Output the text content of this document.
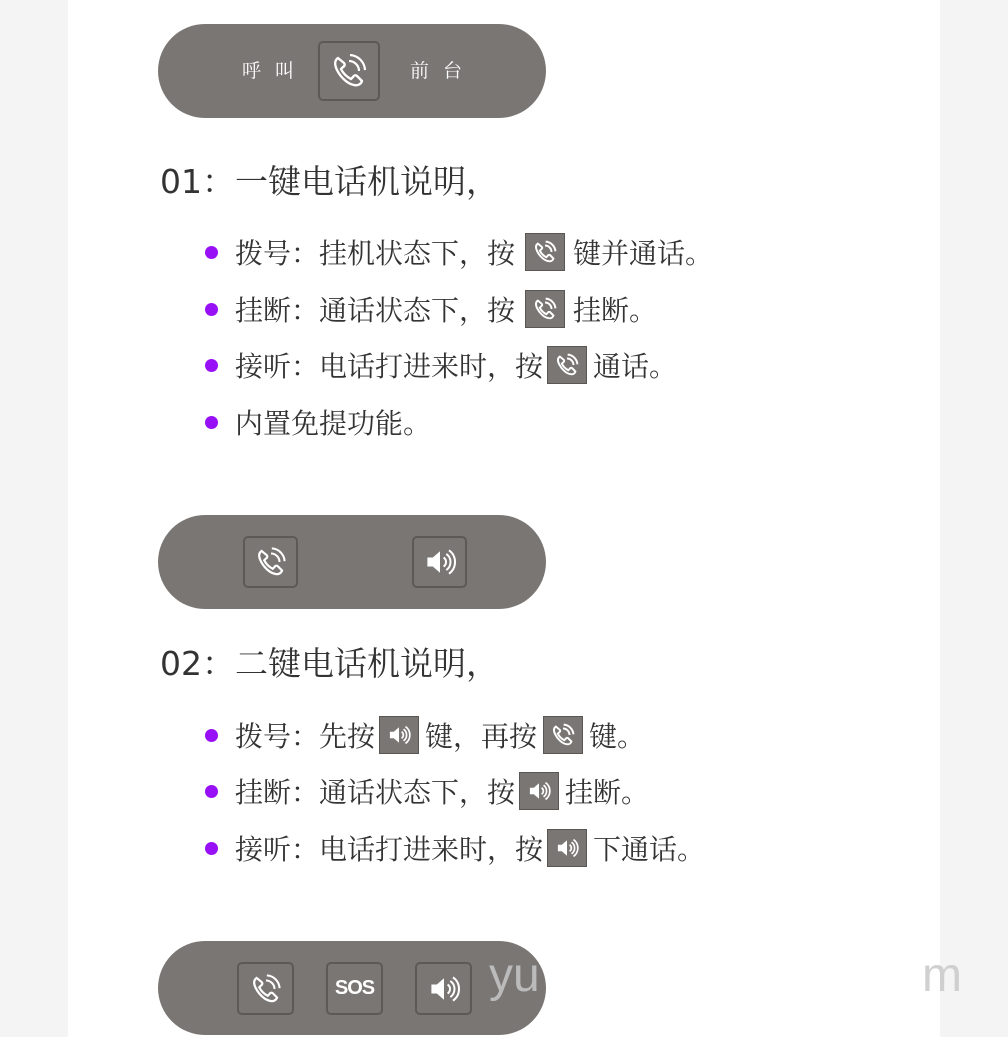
呼 叫	前 台
01：一键电话机说明，
拨号：挂机状态下，按 键并通话。
挂断：通话状态下，按 挂断。
接听：电话打进来时，按 通话。
内置免提功能。
02：二键电话机说明，
拨号：先按 键，再按 键。
挂断：通话状态下，按 挂断。
接听：电话打进来时，按 下通话。
SOS yu	m
